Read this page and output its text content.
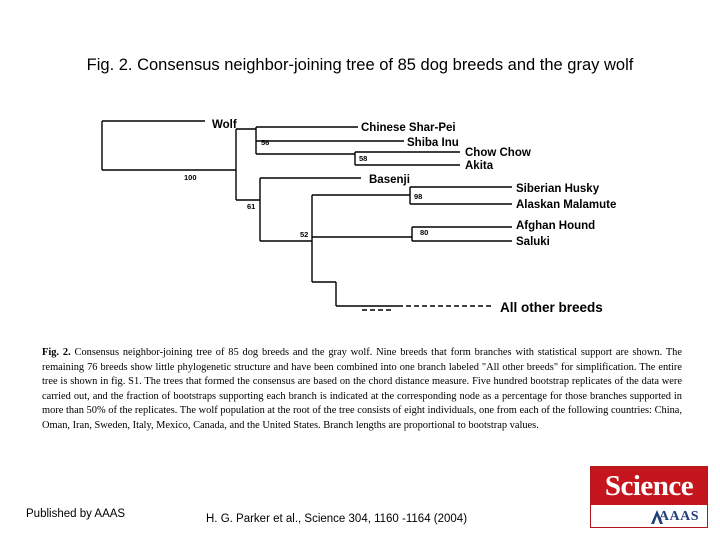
Fig. 2. Consensus neighbor-joining tree of 85 dog breeds and the gray wolf
Wolf	Chinese Shar-Pei
Shiba Inu
Chow Chow
Akita
Basenji
Siberian Husky
Alaskan Malamute
Afghan Hound
Saluki
All other breeds
100
56
58
61
98
52	80
Fig. 2. Consensus neighbor-joining tree of 85 dog breeds and the gray wolf. Nine breeds that form branches with statistical support are shown. The remaining 76 breeds show little phylogenetic structure and have been combined into one branch labeled "All other breeds" for simplification. The entire tree is shown in fig. S1. The trees that formed the consensus are based on the chord distance measure. Five hundred bootstrap replicates of the data were carried out, and the fraction of bootstraps supporting each branch is indicated at the corresponding node as a percentage for those branches supported in more than 50% of the replicates. The wolf population at the root of the tree consists of eight individuals, one from each of the following countries: China, Oman, Iran, Sweden, Italy, Mexico, Canada, and the United States. Branch lengths are proportional to bootstrap values.
Published by AAAS	H. G. Parker et al., Science 304, 1160 -1164 (2004)
Science
AAAS
